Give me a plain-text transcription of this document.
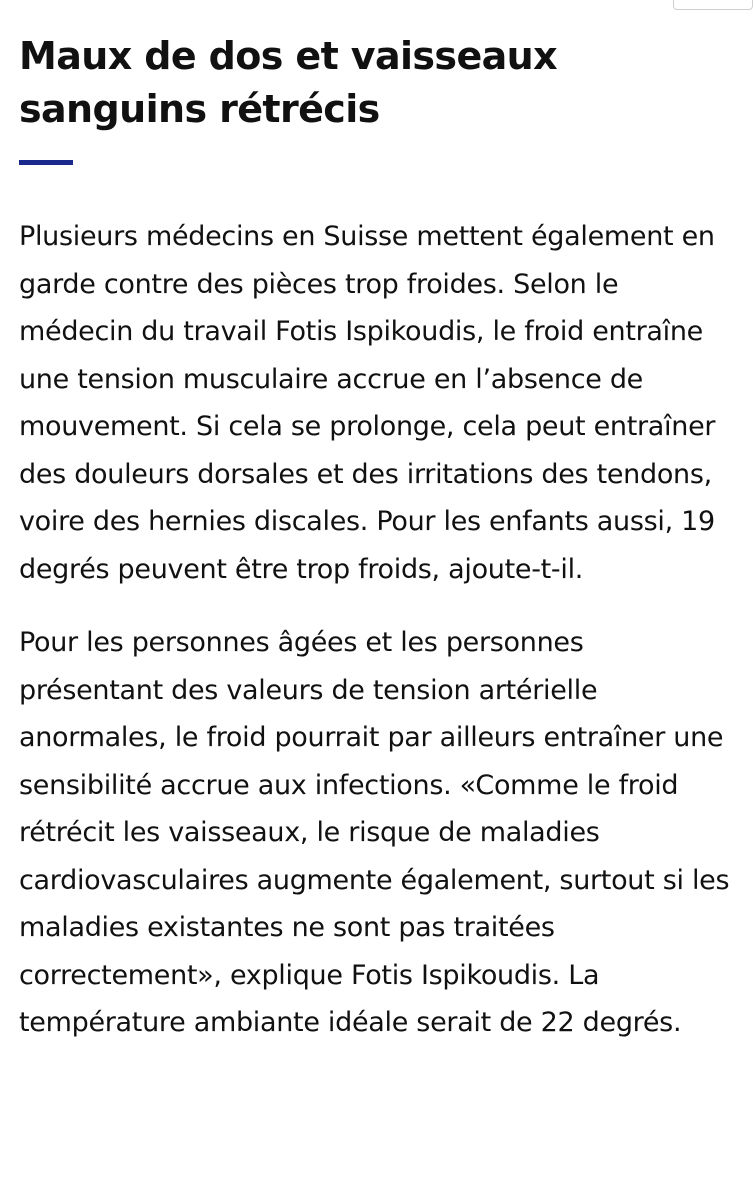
Maux de dos et vaisseaux sanguins rétrécis

Plusieurs médecins en Suisse mettent également en garde contre des pièces trop froides. Selon le médecin du travail Fotis Ispikoudis, le froid entraîne une tension musculaire accrue en l’absence de mouvement. Si cela se prolonge, cela peut entraîner des douleurs dorsales et des irritations des tendons, voire des hernies discales. Pour les enfants aussi, 19 degrés peuvent être trop froids, ajoute-t-il.

Pour les personnes âgées et les personnes présentant des valeurs de tension artérielle anormales, le froid pourrait par ailleurs entraîner une sensibilité accrue aux infections. «Comme le froid rétrécit les vaisseaux, le risque de maladies cardiovasculaires augmente également, surtout si les maladies existantes ne sont pas traitées correctement», explique Fotis Ispikoudis. La température ambiante idéale serait de 22 degrés.
